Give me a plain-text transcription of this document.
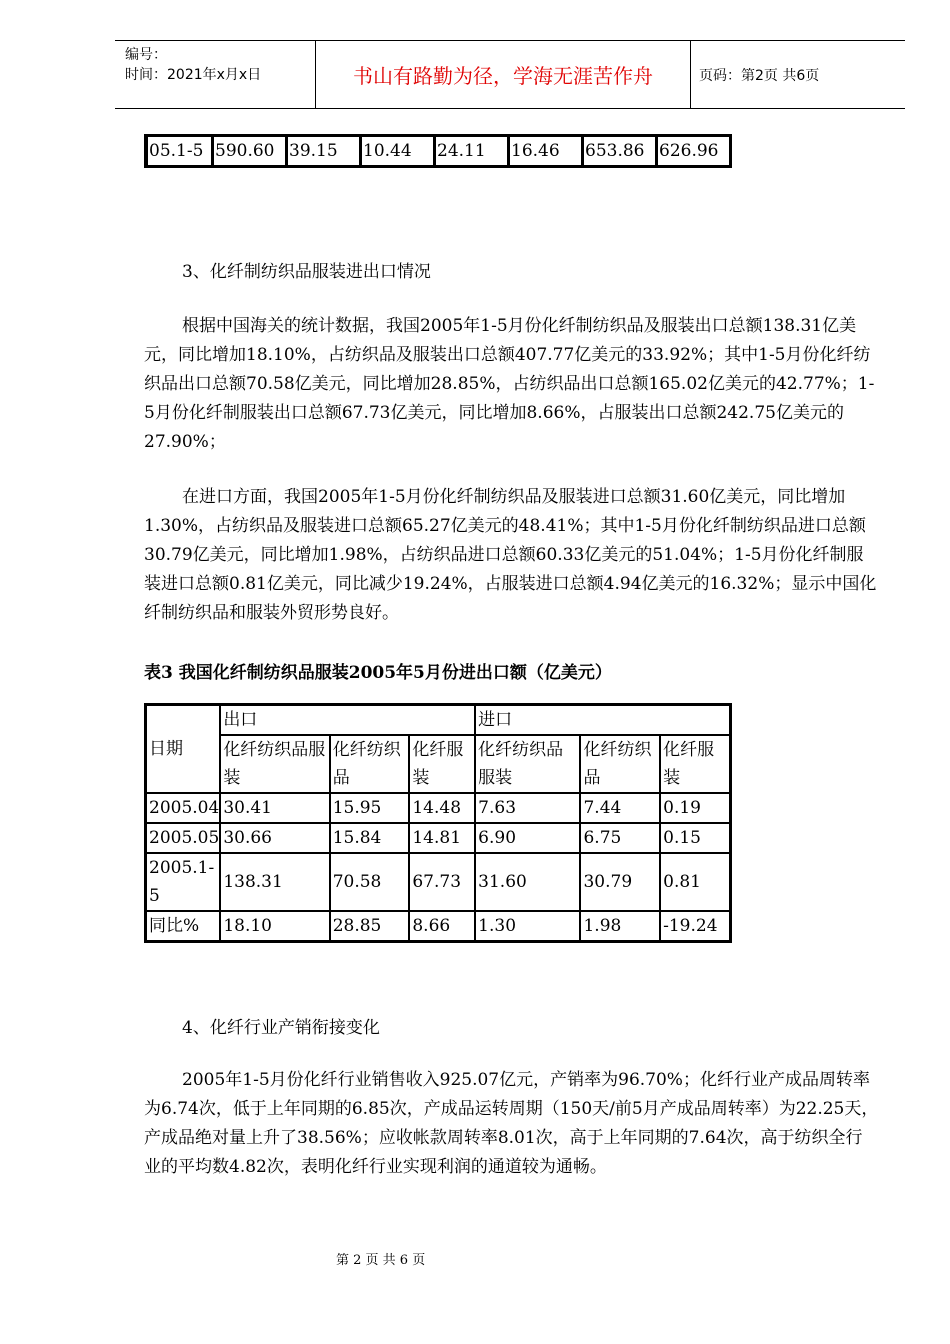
编号：
时间：2021年x月x日	书山有路勤为径，学海无涯苦作舟	页码：第2页 共6页
05.1-5	590.60	39.15	10.44	24.11	16.46	653.86	626.96
3、化纤制纺织品服装进出口情况
根据中国海关的统计数据，我国2005年1-5月份化纤制纺织品及服装出口总额138.31亿美元，同比增加18.10%，占纺织品及服装出口总额407.77亿美元的33.92%；其中1-5月份化纤纺织品出口总额70.58亿美元，同比增加28.85%，占纺织品出口总额165.02亿美元的42.77%；1-5月份化纤制服装出口总额67.73亿美元，同比增加8.66%，占服装出口总额242.75亿美元的27.90%；
在进口方面，我国2005年1-5月份化纤制纺织品及服装进口总额31.60亿美元，同比增加1.30%，占纺织品及服装进口总额65.27亿美元的48.41%；其中1-5月份化纤制纺织品进口总额30.79亿美元，同比增加1.98%，占纺织品进口总额60.33亿美元的51.04%；1-5月份化纤制服装进口总额0.81亿美元，同比减少19.24%，占服装进口总额4.94亿美元的16.32%；显示中国化纤制纺织品和服装外贸形势良好。
表3 我国化纤制纺织品服装2005年5月份进出口额（亿美元）
日期	出口			进口		
	化纤纺织品服装	化纤纺织品	化纤服装	化纤纺织品服装	化纤纺织品	化纤服装
2005.04	30.41	15.95	14.48	7.63	7.44	0.19
2005.05	30.66	15.84	14.81	6.90	6.75	0.15
2005.1-5	138.31	70.58	67.73	31.60	30.79	0.81
同比%	18.10	28.85	8.66	1.30	1.98	-19.24
4、化纤行业产销衔接变化
2005年1-5月份化纤行业销售收入925.07亿元，产销率为96.70%；化纤行业产成品周转率为6.74次，低于上年同期的6.85次，产成品运转周期（150天/前5月产成品周转率）为22.25天，产成品绝对量上升了38.56%；应收帐款周转率8.01次，高于上年同期的7.64次，高于纺织全行业的平均数4.82次，表明化纤行业实现利润的通道较为通畅。
第 2 页 共 6 页
